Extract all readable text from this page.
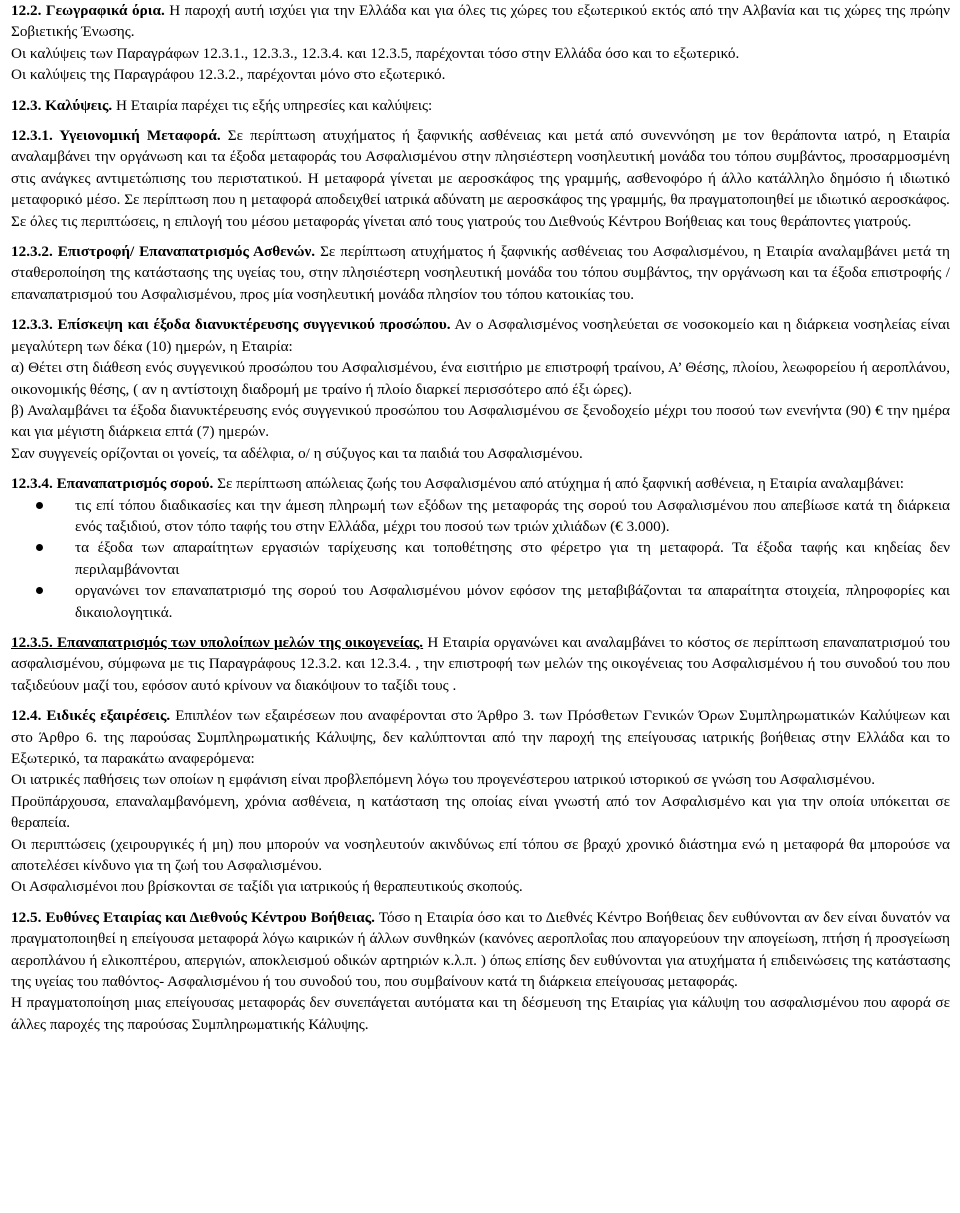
12.2. Γεωγραφικά όρια. Η παροχή αυτή ισχύει για την Ελλάδα και για όλες τις χώρες του εξωτερικού εκτός από την Αλβανία και τις χώρες της πρώην Σοβιετικής Ένωσης.

Οι καλύψεις των Παραγράφων 12.3.1., 12.3.3., 12.3.4. και 12.3.5, παρέχονται τόσο στην Ελλάδα όσο και το εξωτερικό.

Οι καλύψεις της Παραγράφου 12.3.2., παρέχονται μόνο στο εξωτερικό.

12.3. Καλύψεις. Η Εταιρία παρέχει τις εξής υπηρεσίες και καλύψεις:

12.3.1. Υγειονομική Μεταφορά. Σε περίπτωση ατυχήματος ή ξαφνικής ασθένειας και μετά από συνεννόηση με τον θεράποντα ιατρό, η Εταιρία αναλαμβάνει την οργάνωση και τα έξοδα μεταφοράς του Ασφαλισμένου στην πλησιέστερη νοσηλευτική μονάδα του τόπου συμβάντος, προσαρμοσμένη στις ανάγκες αντιμετώπισης του περιστατικού. Η μεταφορά γίνεται με αεροσκάφος της γραμμής, ασθενοφόρο ή άλλο κατάλληλο δημόσιο ή ιδιωτικό μεταφορικό μέσο. Σε περίπτωση που η μεταφορά αποδειχθεί ιατρικά αδύνατη με αεροσκάφος της γραμμής, θα πραγματοποιηθεί με ιδιωτικό αεροσκάφος.

Σε όλες τις περιπτώσεις, η επιλογή του μέσου μεταφοράς γίνεται από τους γιατρούς του Διεθνούς Κέντρου Βοήθειας και τους θεράποντες γιατρούς.

12.3.2. Επιστροφή/ Επαναπατρισμός Ασθενών. Σε περίπτωση ατυχήματος ή ξαφνικής ασθένειας του Ασφαλισμένου, η Εταιρία αναλαμβάνει μετά τη σταθεροποίηση της κατάστασης της υγείας του, στην πλησιέστερη νοσηλευτική μονάδα του τόπου συμβάντος, την οργάνωση και τα έξοδα επιστροφής / επαναπατρισμού του Ασφαλισμένου, προς μία νοσηλευτική μονάδα πλησίον του τόπου κατοικίας του.

12.3.3. Επίσκεψη και έξοδα διανυκτέρευσης συγγενικού προσώπου. Αν ο Ασφαλισμένος νοσηλεύεται σε νοσοκομείο και η διάρκεια νοσηλείας είναι μεγαλύτερη των δέκα (10) ημερών, η Εταιρία:

α) Θέτει στη διάθεση ενός συγγενικού προσώπου του Ασφαλισμένου, ένα εισιτήριο με επιστροφή τραίνου, Α’ Θέσης, πλοίου, λεωφορείου ή αεροπλάνου, οικονομικής θέσης, ( αν η αντίστοιχη διαδρομή με τραίνο ή πλοίο διαρκεί περισσότερο από έξι ώρες).

β) Αναλαμβάνει τα έξοδα διανυκτέρευσης ενός συγγενικού προσώπου του Ασφαλισμένου σε ξενοδοχείο μέχρι του ποσού των ενενήντα (90) € την ημέρα και για μέγιστη διάρκεια επτά (7) ημερών.

Σαν συγγενείς ορίζονται οι γονείς, τα αδέλφια, ο/ η σύζυγος και τα παιδιά του Ασφαλισμένου.

12.3.4. Επαναπατρισμός σορού. Σε περίπτωση απώλειας ζωής του Ασφαλισμένου από ατύχημα ή από ξαφνική ασθένεια, η Εταιρία αναλαμβάνει:

τις επί τόπου διαδικασίες και την άμεση πληρωμή των εξόδων της μεταφοράς της σορού του Ασφαλισμένου που απεβίωσε κατά τη διάρκεια ενός ταξιδιού, στον τόπο ταφής του στην Ελλάδα, μέχρι του ποσού των τριών χιλιάδων (€ 3.000).
τα έξοδα των απαραίτητων εργασιών ταρίχευσης και τοποθέτησης στο φέρετρο για τη μεταφορά. Τα έξοδα ταφής και κηδείας δεν περιλαμβάνονται
οργανώνει τον επαναπατρισμό της σορού του Ασφαλισμένου μόνον εφόσον της μεταβιβάζονται τα απαραίτητα στοιχεία, πληροφορίες και δικαιολογητικά.

12.3.5. Επαναπατρισμός των υπολοίπων μελών της οικογενείας. Η Εταιρία οργανώνει και αναλαμβάνει το κόστος σε περίπτωση επαναπατρισμού του ασφαλισμένου, σύμφωνα με τις Παραγράφους 12.3.2. και 12.3.4. , την επιστροφή των μελών της οικογένειας του Ασφαλισμένου ή του συνοδού του που ταξιδεύουν μαζί του, εφόσον αυτό κρίνουν να διακόψουν το ταξίδι τους .

12.4. Ειδικές εξαιρέσεις. Επιπλέον των εξαιρέσεων που αναφέρονται στο Άρθρο 3. των Πρόσθετων Γενικών Όρων Συμπληρωματικών Καλύψεων και στο Άρθρο 6. της παρούσας Συμπληρωματικής Κάλυψης, δεν καλύπτονται από την παροχή της επείγουσας ιατρικής βοήθειας στην Ελλάδα και το Εξωτερικό, τα παρακάτω αναφερόμενα:

Οι ιατρικές παθήσεις των οποίων η εμφάνιση είναι προβλεπόμενη λόγω του προγενέστερου ιατρικού ιστορικού σε γνώση του Ασφαλισμένου.

Προϋπάρχουσα, επαναλαμβανόμενη, χρόνια ασθένεια, η κατάσταση της οποίας είναι γνωστή από τον Ασφαλισμένο και για την οποία υπόκειται σε θεραπεία.

Οι περιπτώσεις (χειρουργικές ή μη) που μπορούν να νοσηλευτούν ακινδύνως επί τόπου σε βραχύ χρονικό διάστημα ενώ η μεταφορά θα μπορούσε να αποτελέσει κίνδυνο για τη ζωή του Ασφαλισμένου.

Οι Ασφαλισμένοι που βρίσκονται σε ταξίδι για ιατρικούς ή θεραπευτικούς σκοπούς.

12.5. Ευθύνες Εταιρίας και Διεθνούς Κέντρου Βοήθειας. Τόσο η Εταιρία όσο και το Διεθνές Κέντρο Βοήθειας δεν ευθύνονται αν δεν είναι δυνατόν να πραγματοποιηθεί η επείγουσα μεταφορά λόγω καιρικών ή άλλων συνθηκών (κανόνες αεροπλοΐας που απαγορεύουν την απογείωση, πτήση ή προσγείωση αεροπλάνου ή ελικοπτέρου, απεργιών, αποκλεισμού οδικών αρτηριών κ.λ.π. ) όπως επίσης δεν ευθύνονται για ατυχήματα ή επιδεινώσεις της κατάστασης της υγείας του παθόντος- Ασφαλισμένου ή του συνοδού του, που συμβαίνουν κατά τη διάρκεια επείγουσας μεταφοράς.

Η πραγματοποίηση μιας επείγουσας μεταφοράς δεν συνεπάγεται αυτόματα και τη δέσμευση της Εταιρίας για κάλυψη του ασφαλισμένου που αφορά σε άλλες παροχές της παρούσας Συμπληρωματικής Κάλυψης.
